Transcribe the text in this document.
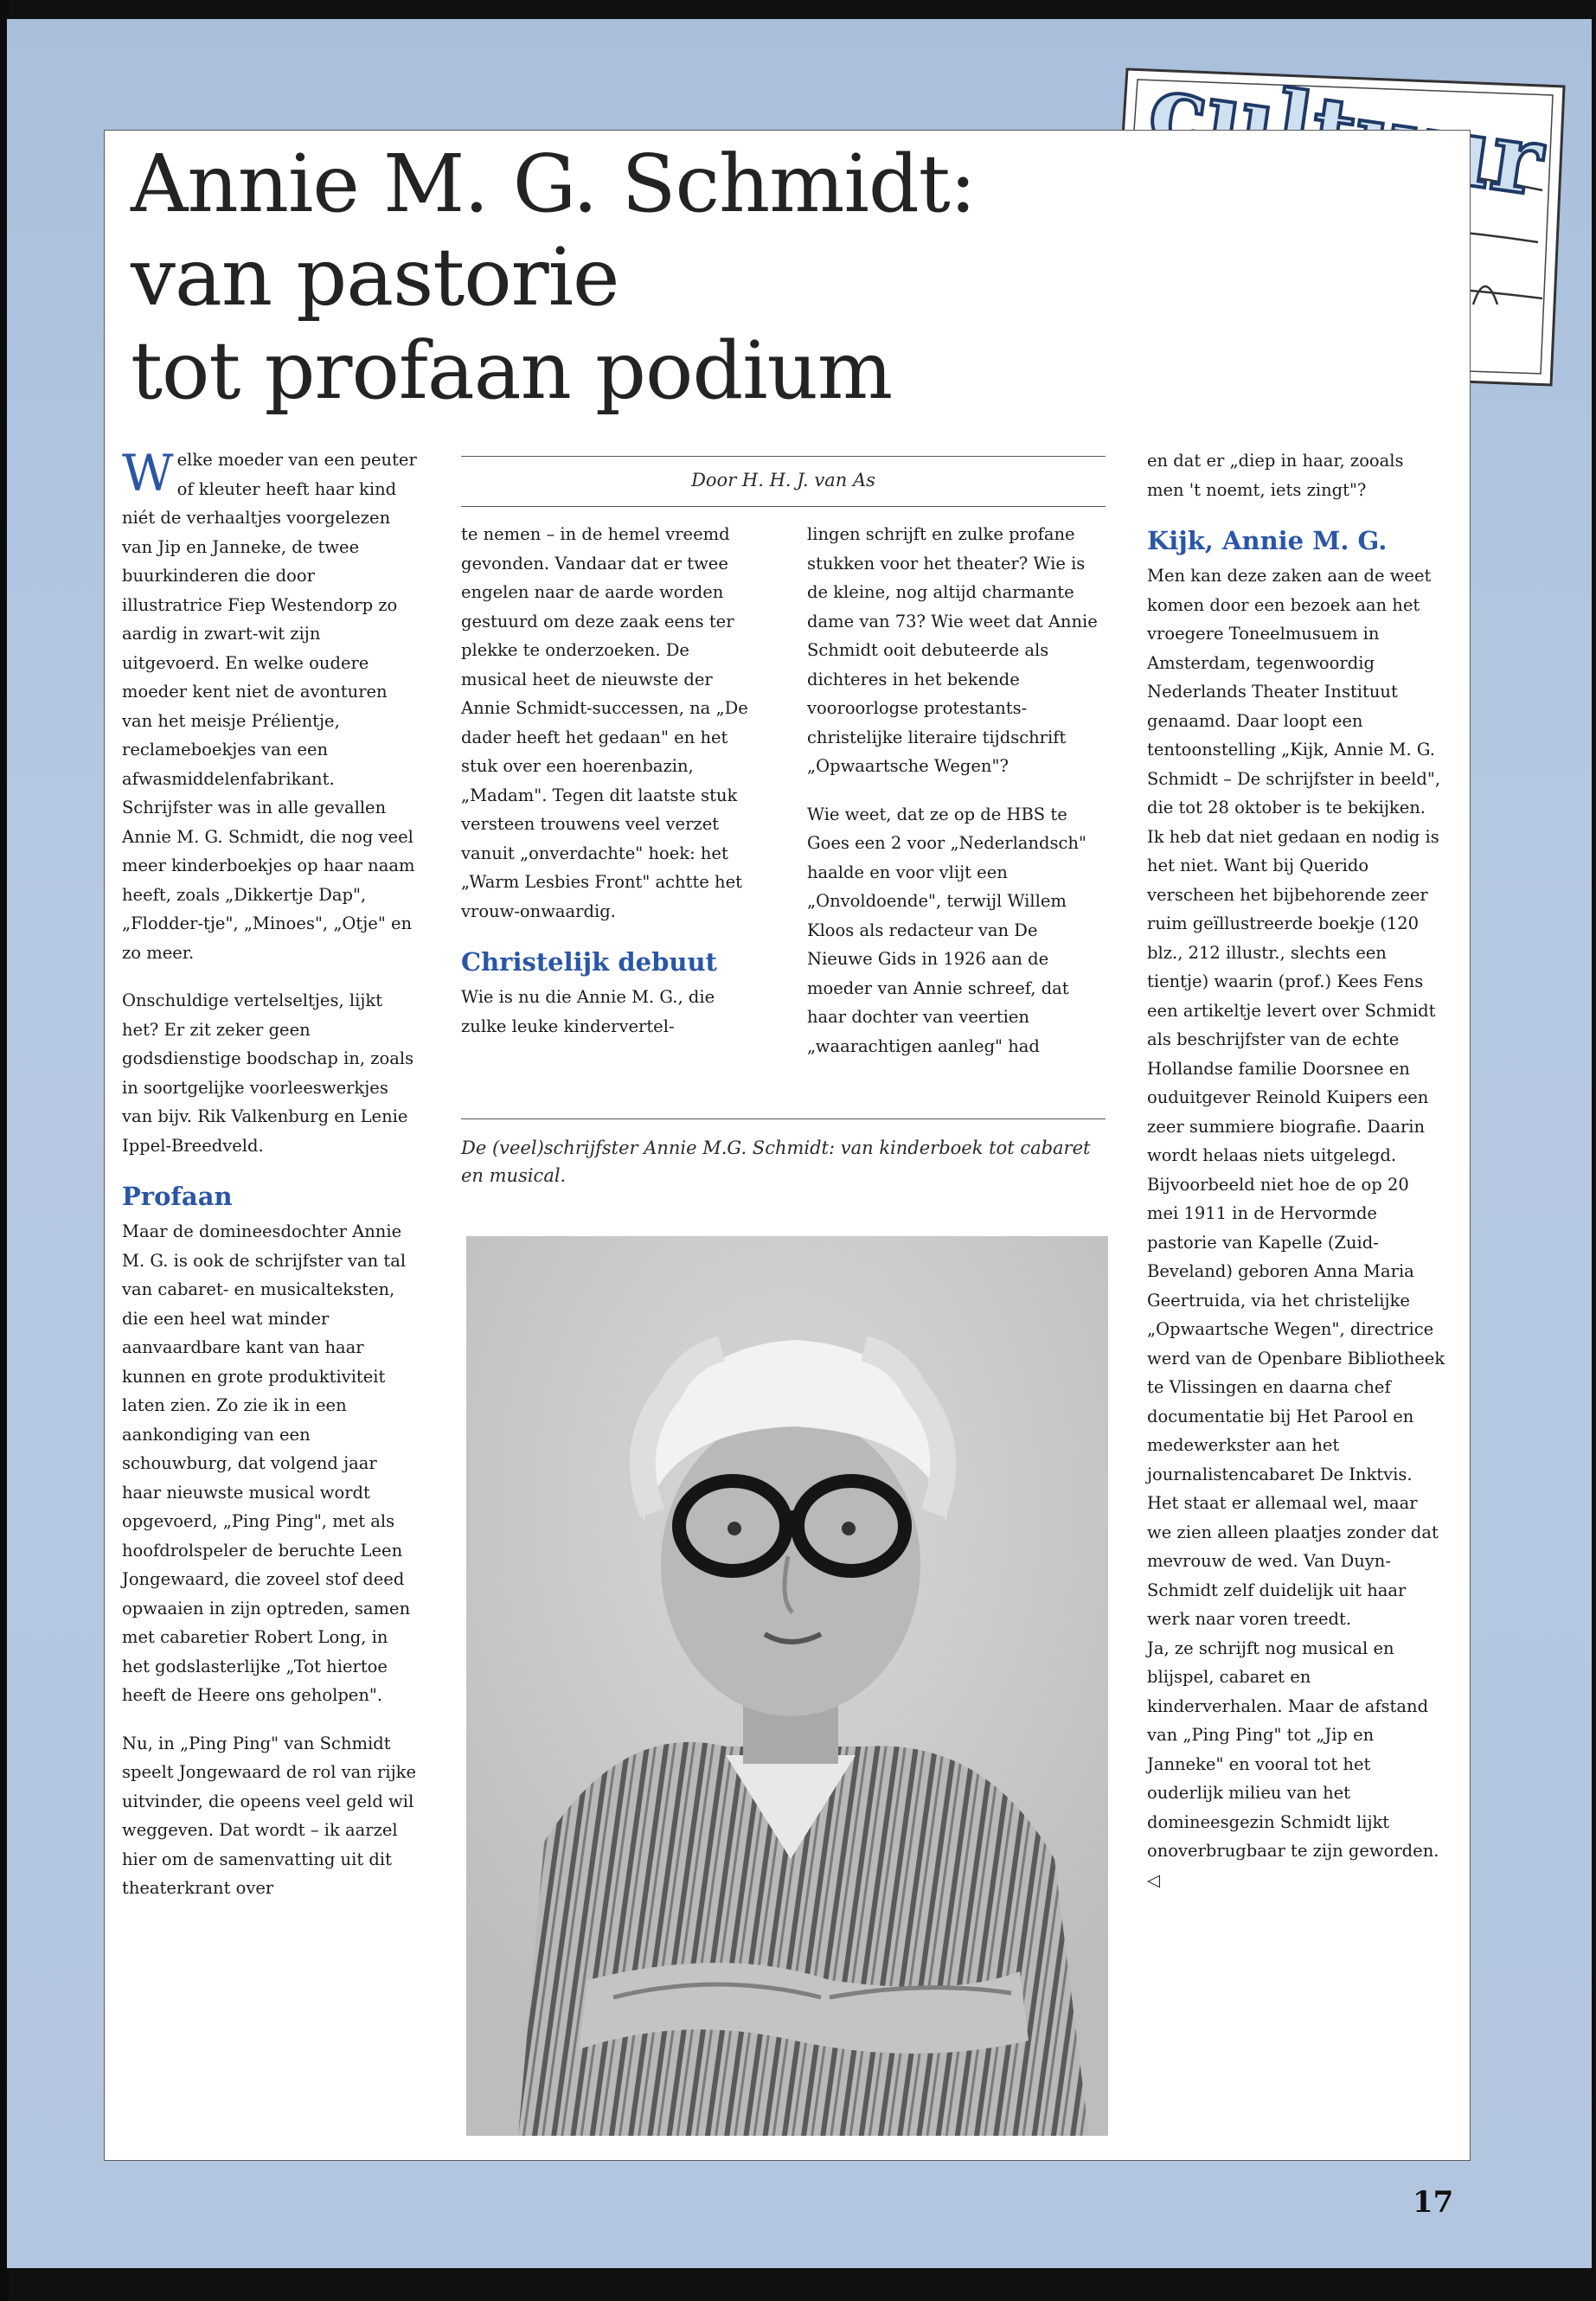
Annie M. G. Schmidt:
van pastorie
tot profaan podium

Welke moeder van een peuter of kleuter heeft haar kind niét de verhaaltjes voorgelezen van Jip en Janneke, de twee buurkinderen die door illustratrice Fiep Westendorp zo aardig in zwart-wit zijn uitgevoerd. En welke oudere moeder kent niet de avonturen van het meisje Prélientje, reclameboekjes van een afwasmiddelenfabrikant. Schrijfster was in alle gevallen Annie M. G. Schmidt, die nog veel meer kinderboekjes op haar naam heeft, zoals „Dikkertje Dap", „Flodder-tje", „Minoes", „Otje" en zo meer.

Onschuldige vertelseltjes, lijkt het? Er zit zeker geen godsdienstige boodschap in, zoals in soortgelijke voorleeswerkjes van bijv. Rik Valkenburg en Lenie Ippel-Breedveld.

Profaan

Maar de domineesdochter Annie M. G. is ook de schrijfster van tal van cabaret- en musicalteksten, die een heel wat minder aanvaardbare kant van haar kunnen en grote produktiviteit laten zien. Zo zie ik in een aankondiging van een schouwburg, dat volgend jaar haar nieuwste musical wordt opgevoerd, „Ping Ping", met als hoofdrolspeler de beruchte Leen Jongewaard, die zoveel stof deed opwaaien in zijn optreden, samen met cabaretier Robert Long, in het godslasterlijke „Tot hiertoe heeft de Heere ons geholpen".

Nu, in „Ping Ping" van Schmidt speelt Jongewaard de rol van rijke uitvinder, die opeens veel geld wil weggeven. Dat wordt – ik aarzel hier om de samenvatting uit dit theaterkrant over

Door H. H. J. van As

te nemen – in de hemel vreemd gevonden. Vandaar dat er twee engelen naar de aarde worden gestuurd om deze zaak eens ter plekke te onderzoeken. De musical heet de nieuwste der Annie Schmidt-successen, na „De dader heeft het gedaan" en het stuk over een hoerenbazin, „Madam". Tegen dit laatste stuk versteen trouwens veel verzet vanuit „onverdachte" hoek: het „Warm Lesbies Front" achtte het vrouw-onwaardig.

Christelijk debuut

Wie is nu die Annie M. G., die zulke leuke kindervertel-

lingen schrijft en zulke profane stukken voor het theater? Wie is de kleine, nog altijd charmante dame van 73? Wie weet dat Annie Schmidt ooit debuteerde als dichteres in het bekende vooroorlogse protestants-christelijke literaire tijdschrift „Opwaartsche Wegen"?

Wie weet, dat ze op de HBS te Goes een 2 voor „Nederlandsch" haalde en voor vlijt een „Onvoldoende", terwijl Willem Kloos als redacteur van De Nieuwe Gids in 1926 aan de moeder van Annie schreef, dat haar dochter van veertien „waarachtigen aanleg" had

De (veel)schrijfster Annie M.G. Schmidt: van kinderboek tot cabaret en musical.

en dat er „diep in haar, zooals men 't noemt, iets zingt"?

Kijk, Annie M. G.

Men kan deze zaken aan de weet komen door een bezoek aan het vroegere Toneelmusuem in Amsterdam, tegenwoordig Nederlands Theater Instituut genaamd. Daar loopt een tentoonstelling „Kijk, Annie M. G. Schmidt – De schrijfster in beeld", die tot 28 oktober is te bekijken. Ik heb dat niet gedaan en nodig is het niet. Want bij Querido verscheen het bijbehorende zeer ruim geïllustreerde boekje (120 blz., 212 illustr., slechts een tientje) waarin (prof.) Kees Fens een artikeltje levert over Schmidt als beschrijfster van de echte Hollandse familie Doorsnee en ouduitgever Reinold Kuipers een zeer summiere biografie. Daarin wordt helaas niets uitgelegd.

Bijvoorbeeld niet hoe de op 20 mei 1911 in de Hervormde pastorie van Kapelle (Zuid-Beveland) geboren Anna Maria Geertruida, via het christelijke „Opwaartsche Wegen", directrice werd van de Openbare Bibliotheek te Vlissingen en daarna chef documentatie bij Het Parool en medewerkster aan het journalistencabaret De Inktvis. Het staat er allemaal wel, maar we zien alleen plaatjes zonder dat mevrouw de wed. Van Duyn-Schmidt zelf duidelijk uit haar werk naar voren treedt.

Ja, ze schrijft nog musical en blijspel, cabaret en kinderverhalen. Maar de afstand van „Ping Ping" tot „Jip en Janneke" en vooral tot het ouderlijk milieu van het domineesgezin Schmidt lijkt onoverbrugbaar te zijn geworden. ◁

17
